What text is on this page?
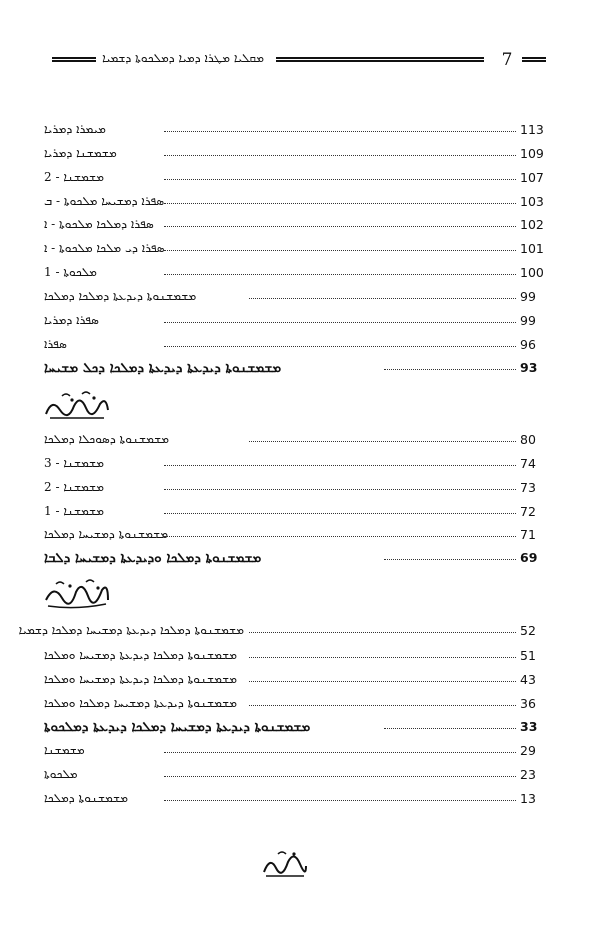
7
ܡܩܠܝܐ ܡܛܪܐ ܕܡܝܐ ܕܡܠܟܘܬܐ ܕܫܡܝܐ
ܡܝܡܪܐ ܕܡܪܝܐ	113
ܡܫܡܫܢܐ ܕܡܪܝܐ	109
ܡܫܡܫܢܐ - 2	107
ܣܦܪܐ ܕܡܫܝܚܐ ܡܠܟܘܬܐ - ܒ	103
ܣܦܪܐ ܕܡܠܟܐ ܡܠܟܘܬܐ - ܐ	102
ܣܦܪܐ ܕܝ ܡܠܟܐ ܡܠܟܘܬܐ - ܐ	101
ܡܠܟܘܬܐ - 1	100
ܡܫܡܫܢܘܬܐ ܕܝܕܥܬܐ ܕܡܠܟܐ ܕܡܠܟܐ	99
ܣܦܪܐ ܕܡܪܝܐ	99
ܣܦܪܐ	96
ܡܫܡܫܢܘܬܐ ܕܝܕܥܬܐ ܕܝܕܥܬܐ ܕܡܠܟܐ ܕܟܠ ܡܫܝܚܐ	93
ܡܫܡܫܢܘܬܐ ܕܣܘܟܠܐ ܕܡܠܟܐ	80
ܡܫܡܫܢܐ - 3	74
ܡܫܡܫܢܐ - 2	73
ܡܫܡܫܢܐ - 1	72
ܡܫܡܫܢܘܬܐ ܕܡܫܝܚܐ ܕܡܠܟܐ	71
ܡܫܡܫܢܘܬܐ ܕܡܠܟܐ ܘܕܝܕܥܬܐ ܕܡܫܝܚܐ ܕܠܒܐ	69
ܡܫܡܫܢܘܬܐ ܕܡܠܟܐ ܕܝܕܥܬܐ ܕܡܫܝܚܐ ܕܡܠܟܐ ܕܫܡܝܐ	52
ܡܫܡܫܢܘܬܐ ܕܡܠܟܐ ܕܝܕܥܬܐ ܕܡܫܝܚܐ ܘܡܠܟܐ	51
ܡܫܡܫܢܘܬܐ ܕܡܠܟܐ ܕܝܕܥܬܐ ܕܡܫܝܚܐ ܘܡܠܟܐ	43
ܡܫܡܫܢܘܬܐ ܕܝܕܥܬܐ ܕܡܫܝܚܐ ܕܡܠܟܐ ܘܡܠܟܐ	36
ܡܫܡܫܢܘܬܐ ܕܝܕܥܬܐ ܕܡܫܝܚܐ ܕܡܠܟܐ ܕܝܕܥܬܐ ܕܡܠܟܘܬܐ	33
ܡܫܡܫܢܐ	29
ܡܠܟܘܬܐ	23
ܡܫܡܫܢܘܬܐ ܕܡܠܟܐ	13
